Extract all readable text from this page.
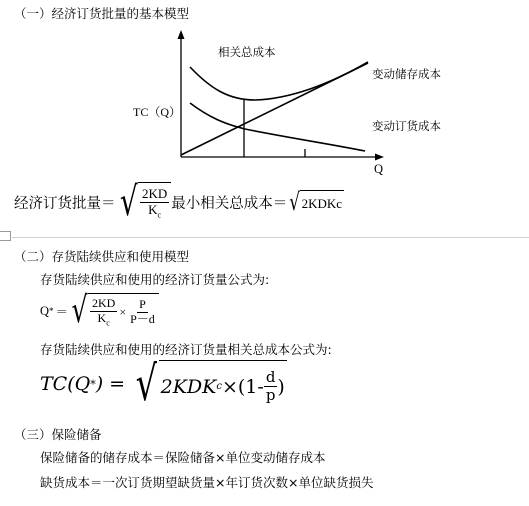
（一）经济订货批量的基本模型
相关总成本
变动储存成本
变动订货成本
TC（Q）
Q
经济订货批量＝ √ $\frac{2KD}{K_c}$ 最小相关总成本＝ √ 2KDKc
（二）存货陆续供应和使用模型
存货陆续供应和使用的经济订货量公式为:
Q * ＝ √ $\frac{2KD}{K_c} \times \frac{P}{P-d}$
存货陆续供应和使用的经济订货量相关总成本公式为:
TC(Q * ) = √ 2KDK $c \times(1- \frac{d}{p}$ )
（三）保险储备
保险储备的储存成本＝保险储备×单位变动储存成本
缺货成本＝一次订货期望缺货量×年订货次数×单位缺货损失
